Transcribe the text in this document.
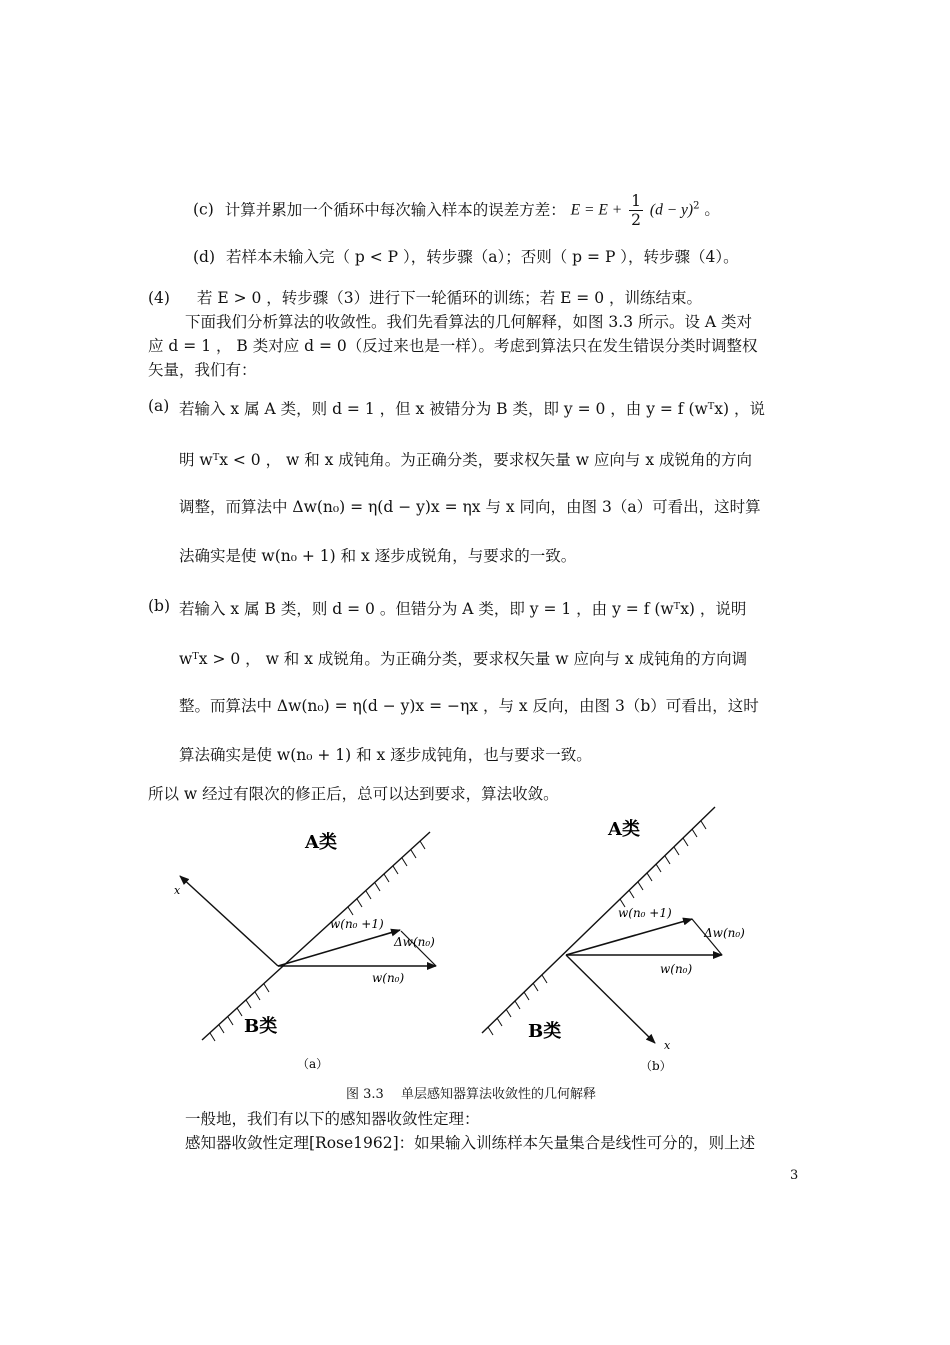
(c) 计算并累加一个循环中每次输入样本的误差方差： $E = E + \frac{1}{2} (d - y)^2$ 。
(d) 若样本未输入完（ p < P ），转步骤（a）；否则（ p = P ），转步骤（4）。
(4) 若 E > 0 ，转步骤（3）进行下一轮循环的训练；若 E = 0 ，训练结束。
下面我们分析算法的收敛性。我们先看算法的几何解释，如图 3.3 所示。设 A 类对
应 d = 1 ， B 类对应 d = 0（反过来也是一样）。考虑到算法只在发生错误分类时调整权
矢量，我们有：
(a) 若输入 x 属 A 类，则 d = 1 ，但 x 被错分为 B 类，即 y = 0 ，由 y = f (wᵀx) ，说
明 wᵀx < 0 ， w 和 x 成钝角。为正确分类，要求权矢量 w 应向与 x 成锐角的方向
调整，而算法中 Δw(n₀) = η(d − y)x = ηx 与 x 同向，由图 3（a）可看出，这时算
法确实是使 w(n₀ + 1) 和 x 逐步成锐角，与要求的一致。
(b) 若输入 x 属 B 类，则 d = 0 。但错分为 A 类，即 y = 1 ，由 y = f (wᵀx) ，说明
wᵀx > 0 ， w 和 x 成锐角。为正确分类，要求权矢量 w 应向与 x 成钝角的方向调
整。而算法中 Δw(n₀) = η(d − y)x = −ηx ，与 x 反向，由图 3（b）可看出，这时
算法确实是使 w(n₀ + 1) 和 x 逐步成钝角，也与要求一致。
所以 w 经过有限次的修正后，总可以达到要求，算法收敛。
A类
B类
x
w(n₀ +1)
Δw(n₀)
w(n₀)
（a）
A类
B类
x
w(n₀ +1)
Δw(n₀)
w(n₀)
（b）
图 3.3　 单层感知器算法收敛性的几何解释
一般地，我们有以下的感知器收敛性定理：
感知器收敛性定理[Rose1962]：如果输入训练样本矢量集合是线性可分的，则上述
3
